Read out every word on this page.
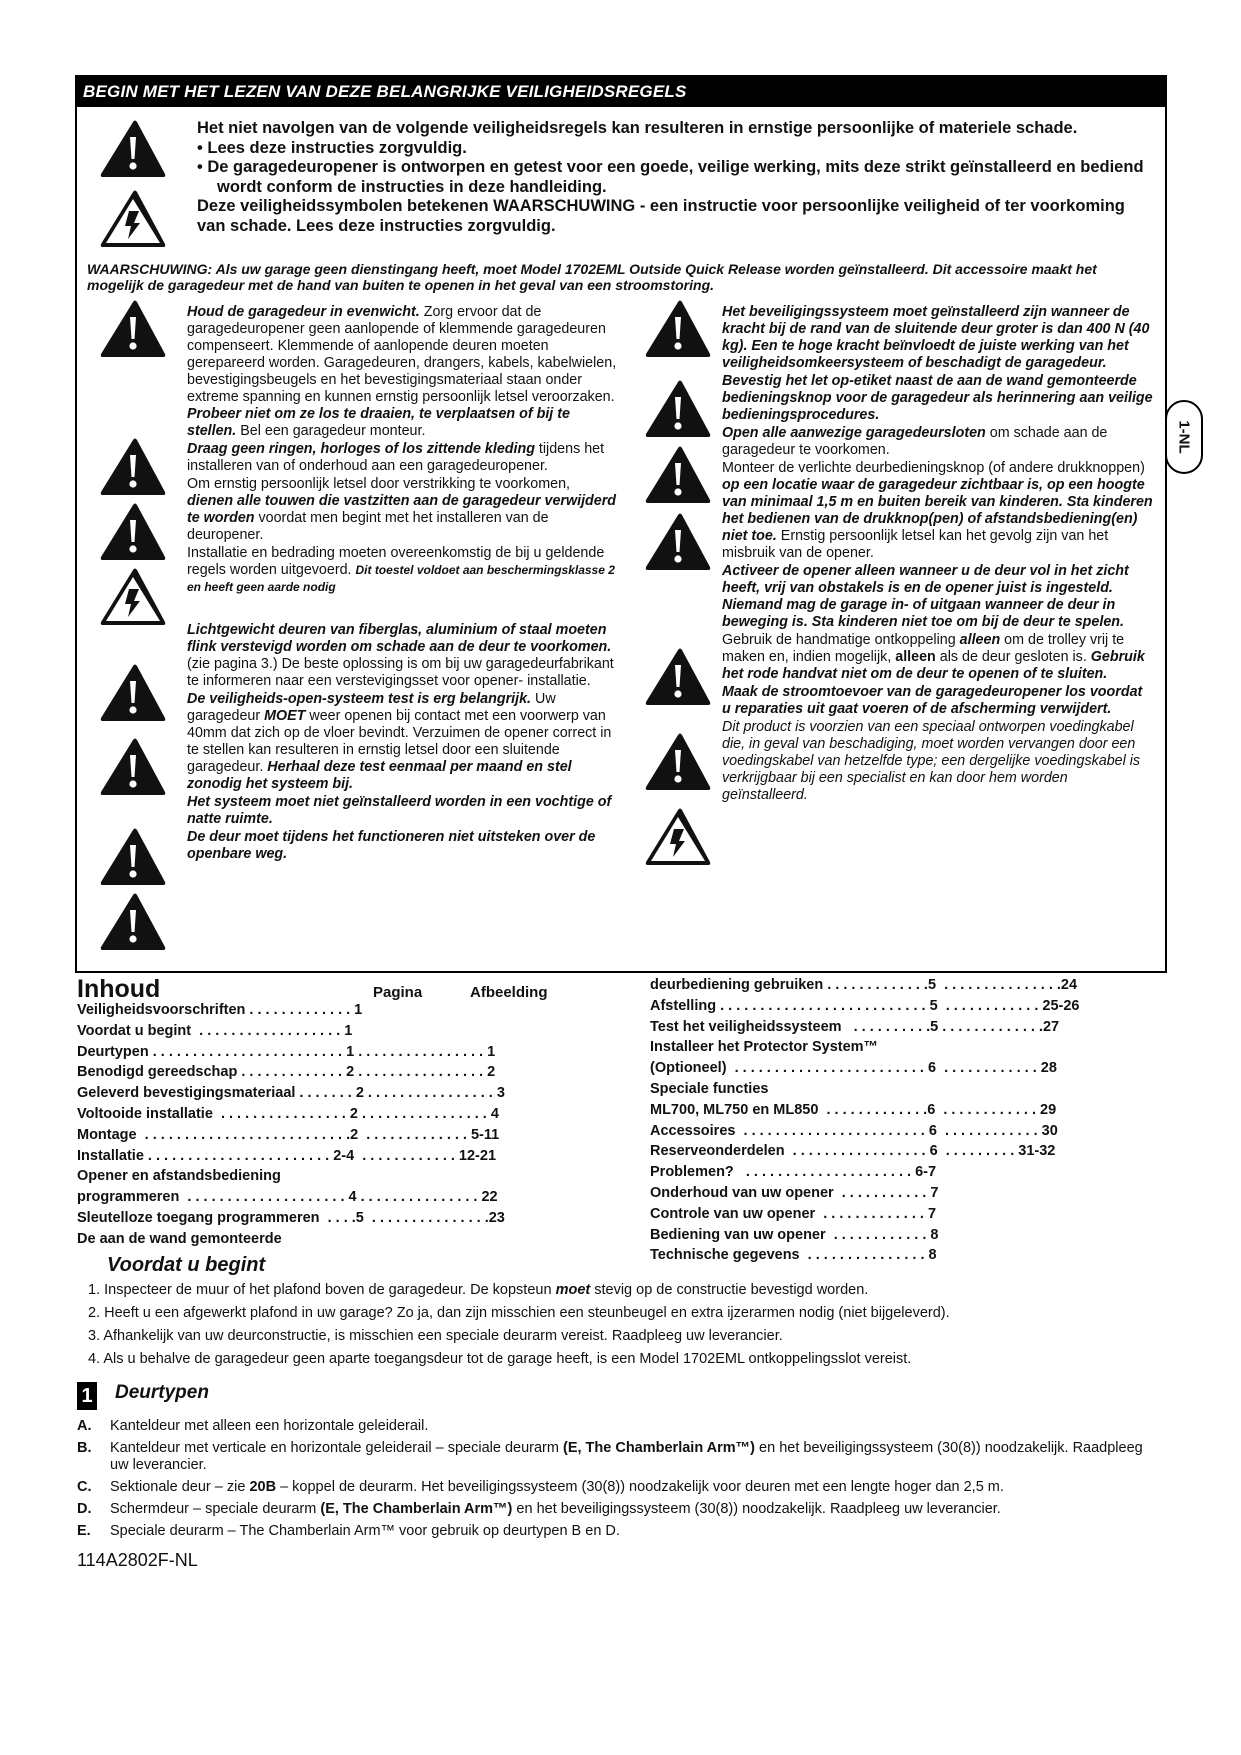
BEGIN MET HET LEZEN VAN DEZE BELANGRIJKE VEILIGHEIDSREGELS

Het niet navolgen van de volgende veiligheidsregels kan resulteren in ernstige persoonlijke of materiele schade.

• Lees deze instructies zorgvuldig.

• De garagedeuropener is ontworpen en getest voor een goede, veilige werking, mits deze strikt geïnstalleerd en bediend wordt conform de instructies in deze handleiding.

Deze veiligheidssymbolen betekenen WAARSCHUWING - een instructie voor persoonlijke veiligheid of ter voorkoming van schade. Lees deze instructies zorgvuldig.

WAARSCHUWING: Als uw garage geen dienstingang heeft, moet Model 1702EML Outside Quick Release worden geïnstalleerd. Dit accessoire maakt het mogelijk de garagedeur met de hand van buiten te openen in het geval van een stroomstoring.

Houd de garagedeur in evenwicht. Zorg ervoor dat de garagedeuropener geen aanlopende of klemmende garagedeuren compenseert. Klemmende of aanlopende deuren moeten gerepareerd worden. Garagedeuren, drangers, kabels, kabelwielen, bevestigingsbeugels en het bevestigingsmateriaal staan onder extreme spanning en kunnen ernstig persoonlijk letsel veroorzaken. Probeer niet om ze los te draaien, te verplaatsen of bij te stellen. Bel een garagedeur monteur.

Draag geen ringen, horloges of los zittende kleding tijdens het installeren van of onderhoud aan een garagedeuropener.

Om ernstig persoonlijk letsel door verstrikking te voorkomen, dienen alle touwen die vastzitten aan de garagedeur verwijderd te worden voordat men begint met het installeren van de deuropener.

Installatie en bedrading moeten overeenkomstig de bij u geldende regels worden uitgevoerd. Dit toestel voldoet aan beschermingsklasse 2 en heeft geen aarde nodig

Lichtgewicht deuren van fiberglas, aluminium of staal moeten flink verstevigd worden om schade aan de deur te voorkomen. (zie pagina 3.) De beste oplossing is om bij uw garagedeurfabrikant te informeren naar een verstevigingsset voor opener- installatie.

De veiligheids-open-systeem test is erg belangrijk. Uw garagedeur MOET weer openen bij contact met een voorwerp van 40mm dat zich op de vloer bevindt. Verzuimen de opener correct in te stellen kan resulteren in ernstig letsel door een sluitende garagedeur. Herhaal deze test eenmaal per maand en stel zonodig het systeem bij.

Het systeem moet niet geïnstalleerd worden in een vochtige of natte ruimte.

De deur moet tijdens het functioneren niet uitsteken over de openbare weg.

Het beveiligingssysteem moet geïnstalleerd zijn wanneer de kracht bij de rand van de sluitende deur groter is dan 400 N (40 kg). Een te hoge kracht beïnvloedt de juiste werking van het veiligheidsomkeersysteem of beschadigt de garagedeur.

Bevestig het let op-etiket naast de aan de wand gemonteerde bedieningsknop voor de garagedeur als herinnering aan veilige bedieningsprocedures.

Open alle aanwezige garagedeursloten om schade aan de garagedeur te voorkomen.

Monteer de verlichte deurbedieningsknop (of andere drukknoppen) op een locatie waar de garagedeur zichtbaar is, op een hoogte van minimaal 1,5 m en buiten bereik van kinderen. Sta kinderen het bedienen van de drukknop(pen) of afstandsbediening(en) niet toe. Ernstig persoonlijk letsel kan het gevolg zijn van het misbruik van de opener.

Activeer de opener alleen wanneer u de deur vol in het zicht heeft, vrij van obstakels is en de opener juist is ingesteld. Niemand mag de garage in- of uitgaan wanneer de deur in beweging is. Sta kinderen niet toe om bij de deur te spelen.

Gebruik de handmatige ontkoppeling alleen om de trolley vrij te maken en, indien mogelijk, alleen als de deur gesloten is. Gebruik het rode handvat niet om de deur te openen of te sluiten.

Maak de stroomtoevoer van de garagedeuropener los voordat u reparaties uit gaat voeren of de afscherming verwijdert.

Dit product is voorzien van een speciaal ontworpen voedingkabel die, in geval van beschadiging, moet worden vervangen door een voedingskabel van hetzelfde type; een dergelijke voedingskabel is verkrijgbaar bij een specialist en kan door hem worden geïnstalleerd.

1-NL
Inhoud	Pagina	Afbeelding
Veiligheidsvoorschriften . . . . . . . . . . . . . 1
Voordat u begint  . . . . . . . . . . . . . . . . . . 1
Deurtypen . . . . . . . . . . . . . . . . . . . . . . . . 1 . . . . . . . . . . . . . . . . 1
Benodigd gereedschap . . . . . . . . . . . . . 2 . . . . . . . . . . . . . . . . 2
Geleverd bevestigingsmateriaal . . . . . . . 2 . . . . . . . . . . . . . . . . 3
Voltooide installatie  . . . . . . . . . . . . . . . . 2 . . . . . . . . . . . . . . . . 4
Montage  . . . . . . . . . . . . . . . . . . . . . . . . . .2  . . . . . . . . . . . . . 5-11
Installatie . . . . . . . . . . . . . . . . . . . . . . . 2-4  . . . . . . . . . . . . 12-21
Opener en afstandsbediening
programmeren  . . . . . . . . . . . . . . . . . . . . 4 . . . . . . . . . . . . . . . 22
Sleutelloze toegang programmeren  . . . .5  . . . . . . . . . . . . . . .23
De aan de wand gemonteerde
deurbediening gebruiken . . . . . . . . . . . . .5  . . . . . . . . . . . . . . .24
Afstelling . . . . . . . . . . . . . . . . . . . . . . . . . . 5  . . . . . . . . . . . . 25-26
Test het veiligheidssysteem   . . . . . . . . . .5 . . . . . . . . . . . . .27
Installeer het Protector System™
(Optioneel)  . . . . . . . . . . . . . . . . . . . . . . . . 6  . . . . . . . . . . . . 28
Speciale functies
ML700, ML750 en ML850  . . . . . . . . . . . . .6  . . . . . . . . . . . . 29
Accessoires  . . . . . . . . . . . . . . . . . . . . . . . 6  . . . . . . . . . . . . 30
Reserveonderdelen  . . . . . . . . . . . . . . . . . 6  . . . . . . . . . 31-32
Problemen?   . . . . . . . . . . . . . . . . . . . . . 6-7
Onderhoud van uw opener  . . . . . . . . . . . 7
Controle van uw opener  . . . . . . . . . . . . . 7
Bediening van uw opener  . . . . . . . . . . . . 8
Technische gegevens  . . . . . . . . . . . . . . . 8
Voordat u begint
1. Inspecteer de muur of het plafond boven de garagedeur. De kopsteun moet stevig op de constructie bevestigd worden.
2. Heeft u een afgewerkt plafond in uw garage? Zo ja, dan zijn misschien een steunbeugel en extra ijzerarmen nodig (niet bijgeleverd).
3. Afhankelijk van uw deurconstructie, is misschien een speciale deurarm vereist. Raadpleeg uw leverancier.
4. Als u behalve de garagedeur geen aparte toegangsdeur tot de garage heeft, is een Model 1702EML ontkoppelingsslot vereist.
1 Deurtypen
A. Kanteldeur met alleen een horizontale geleiderail.
B. Kanteldeur met verticale en horizontale geleiderail – speciale deurarm (E, The Chamberlain Arm™) en het beveiligingssysteem (30(8)) noodzakelijk. Raadpleeg uw leverancier.
C. Sektionale deur – zie 20B – koppel de deurarm. Het beveiligingssysteem (30(8)) noodzakelijk voor deuren met een lengte hoger dan 2,5 m.
D. Schermdeur – speciale deurarm (E, The Chamberlain Arm™) en het beveiligingssysteem (30(8)) noodzakelijk. Raadpleeg uw leverancier.
E. Speciale deurarm – The Chamberlain Arm™ voor gebruik op deurtypen B en D.
114A2802F-NL
